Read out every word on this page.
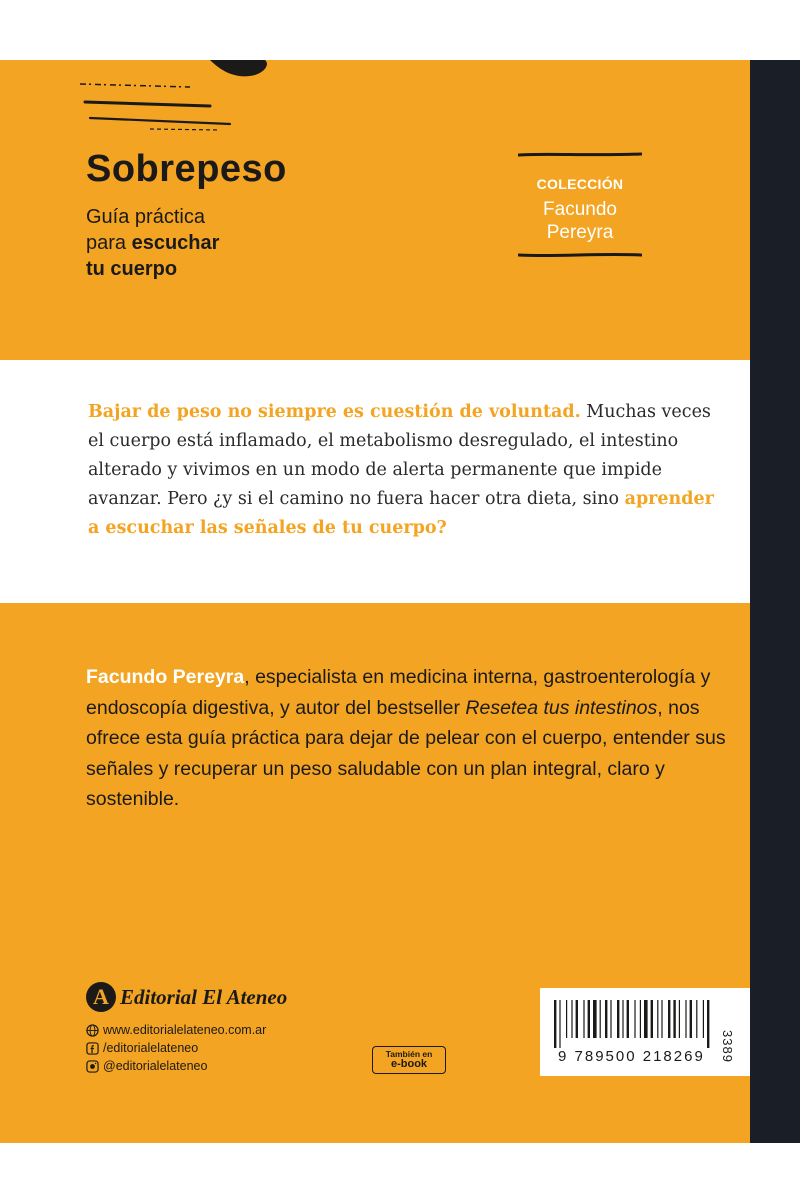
Sobrepeso
Guía práctica
para escuchar
tu cuerpo
COLECCIÓN
Facundo
Pereyra
Bajar de peso no siempre es cuestión de voluntad. Muchas veces el cuerpo está inflamado, el metabolismo desregulado, el intestino alterado y vivimos en un modo de alerta permanente que impide avanzar. Pero ¿y si el camino no fuera hacer otra dieta, sino aprender a escuchar las señales de tu cuerpo?
Facundo Pereyra, especialista en medicina interna, gastroenterología y endoscopía digestiva, y autor del bestseller Resetea tus intestinos, nos ofrece esta guía práctica para dejar de pelear con el cuerpo, entender sus señales y recuperar un peso saludable con un plan integral, claro y sostenible.
A Editorial El Ateneo
www.editorialelateneo.com.ar
/editorialelateneo
@editorialelateneo
También en
e-book	9 789500 218269 3389
